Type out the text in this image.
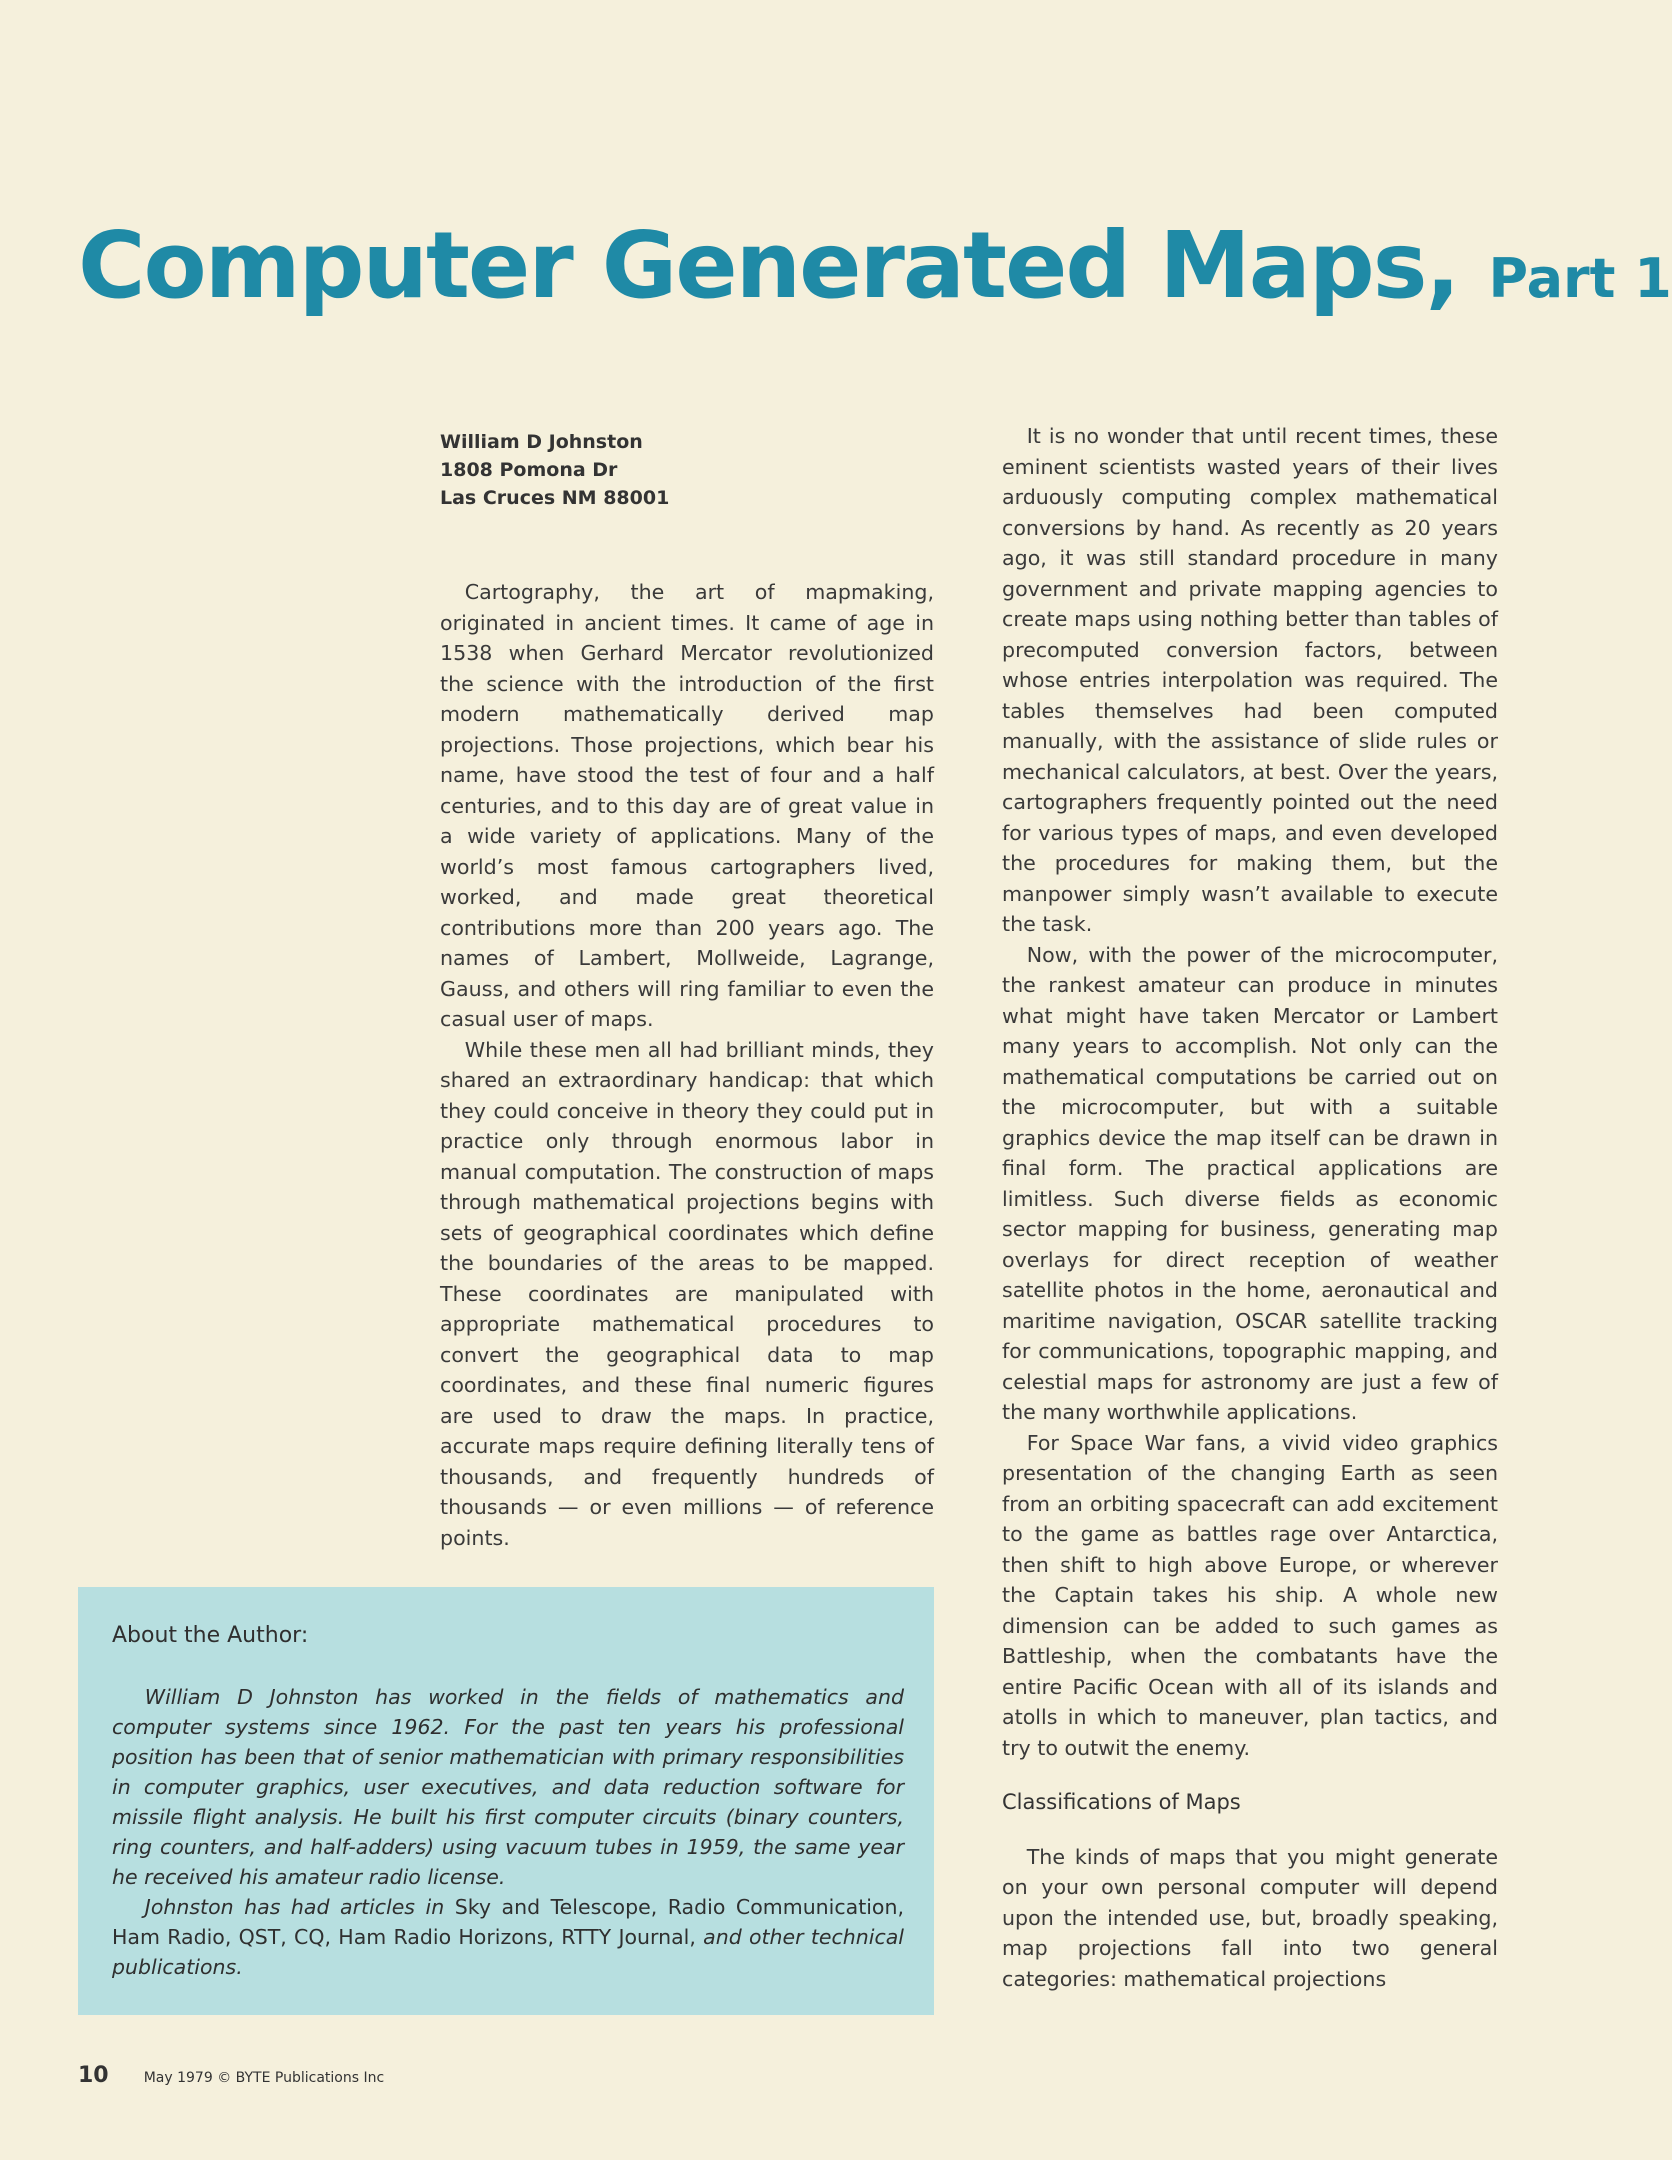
Computer Generated Maps, Part 1
William D Johnston
1808 Pomona Dr
Las Cruces NM 88001

Cartography, the art of mapmaking, originated in ancient times. It came of age in 1538 when Gerhard Mercator revolutionized the science with the introduction of the first modern mathematically derived map projections. Those projections, which bear his name, have stood the test of four and a half centuries, and to this day are of great value in a wide variety of applications. Many of the world’s most famous cartographers lived, worked, and made great theoretical contributions more than 200 years ago. The names of Lambert, Mollweide, Lagrange, Gauss, and others will ring familiar to even the casual user of maps.

While these men all had brilliant minds, they shared an extraordinary handicap: that which they could conceive in theory they could put in practice only through enormous labor in manual computation. The construction of maps through mathematical projections begins with sets of geographical coordinates which define the boundaries of the areas to be mapped. These coordinates are manipulated with appropriate mathematical procedures to convert the geographical data to map coordinates, and these final numeric figures are used to draw the maps. In practice, accurate maps require defining literally tens of thousands, and frequently hundreds of thousands — or even millions — of reference points.

It is no wonder that until recent times, these eminent scientists wasted years of their lives arduously computing complex mathematical conversions by hand. As recently as 20 years ago, it was still standard procedure in many government and private mapping agencies to create maps using nothing better than tables of precomputed conversion factors, between whose entries interpolation was required. The tables themselves had been computed manually, with the assistance of slide rules or mechanical calculators, at best. Over the years, cartographers frequently pointed out the need for various types of maps, and even developed the procedures for making them, but the manpower simply wasn’t available to execute the task.

Now, with the power of the microcomputer, the rankest amateur can produce in minutes what might have taken Mercator or Lambert many years to accomplish. Not only can the mathematical computations be carried out on the microcomputer, but with a suitable graphics device the map itself can be drawn in final form. The practical applications are limitless. Such diverse fields as economic sector mapping for business, generating map overlays for direct reception of weather satellite photos in the home, aeronautical and maritime navigation, OSCAR satellite tracking for communications, topographic mapping, and celestial maps for astronomy are just a few of the many worthwhile applications.

For Space War fans, a vivid video graphics presentation of the changing Earth as seen from an orbiting spacecraft can add excitement to the game as battles rage over Antarctica, then shift to high above Europe, or wherever the Captain takes his ship. A whole new dimension can be added to such games as Battleship, when the combatants have the entire Pacific Ocean with all of its islands and atolls in which to maneuver, plan tactics, and try to outwit the enemy.

Classifications of Maps

The kinds of maps that you might generate on your own personal computer will depend upon the intended use, but, broadly speaking, map projections fall into two general categories: mathematical projections

About the Author:

William D Johnston has worked in the fields of mathematics and computer systems since 1962. For the past ten years his professional position has been that of senior mathematician with primary responsibilities in computer graphics, user executives, and data reduction software for missile flight analysis. He built his first computer circuits (binary counters, ring counters, and half-adders) using vacuum tubes in 1959, the same year he received his amateur radio license.

Johnston has had articles in Sky and Telescope, Radio Communication, Ham Radio, QST, CQ, Ham Radio Horizons, RTTY Journal, and other technical publications.

10	May 1979 © BYTE Publications Inc
